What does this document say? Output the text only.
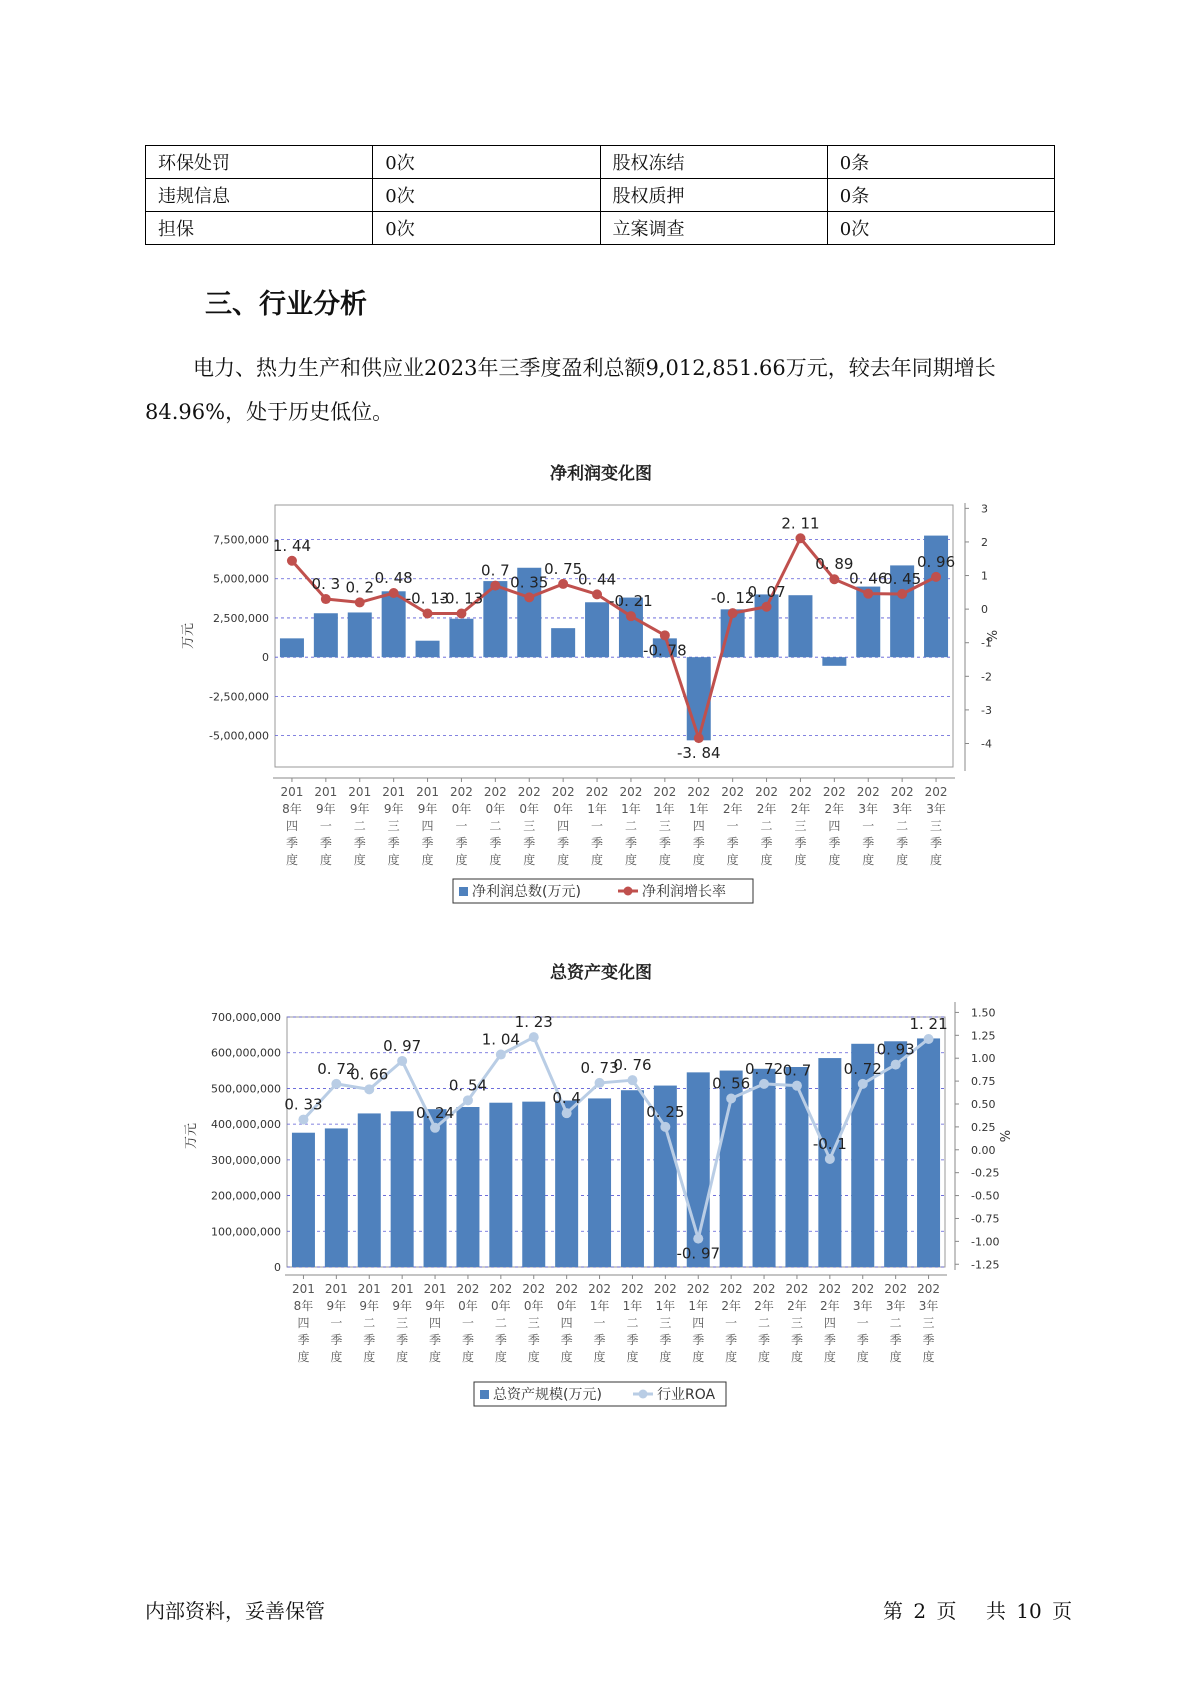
环保处罚	0次	股权冻结	0条
违规信息	0次	股权质押	0条
担保	0次	立案调查	0次
三、行业分析

电力、热力生产和供应业2023年三季度盈利总额9,012,851.66万元，较去年同期增长84.96%，处于历史低位。

净利润变化图
7,500,000
5,000,000
2,500,000
0
-2,500,000
-5,000,000
万元
3
2
1
0
-1
-2
-3
-4
%
1. 44
0. 3 0. 2
0. 48
-0. 13
-0. 13
0. 7
0. 35
0. 75
0. 44
-0. 21
-0. 78
-3. 84
-0. 12
0. 07
2. 11
0. 89
0. 46
0. 45
0. 96
201 8年四季度
201 9年一季度
201 9年二季度
201 9年三季度
201 9年四季度
202 0年一季度
202 0年二季度
202 0年三季度
202 0年四季度
202 1年一季度
202 1年二季度
202 1年三季度
202 1年四季度
202 2年一季度
202 2年二季度
202 2年三季度
202 2年四季度
202 3年一季度
202 3年二季度
202 3年三季度
净利润总数(万元)	净利润增长率
总资产变化图
700,000,000
600,000,000
500,000,000
400,000,000
300,000,000
200,000,000
100,000,000
0
万元
1.50
1.25
1.00
0.75
0.50
0.25
0.00
-0.25
-0.50
-0.75
-1.00
-1.25
%
0. 33
0. 72
0. 66
0. 97
0. 24
0. 54
1. 04
1. 23
0. 4
0. 73
0. 76
0. 25
-0. 97
0. 56
0. 72 0. 7
-0. 1
0. 72
0. 93
1. 21
201 8年四季度
201 9年一季度
201 9年二季度
201 9年三季度
201 9年四季度
202 0年一季度
202 0年二季度
202 0年三季度
202 0年四季度
202 1年一季度
202 1年二季度
202 1年三季度
202 1年四季度
202 2年一季度
202 2年二季度
202 2年三季度
202 2年四季度
202 3年一季度
202 3年二季度
202 3年三季度
总资产规模(万元)	行业ROA
内部资料，妥善保管	第 2 页 共 10 页
